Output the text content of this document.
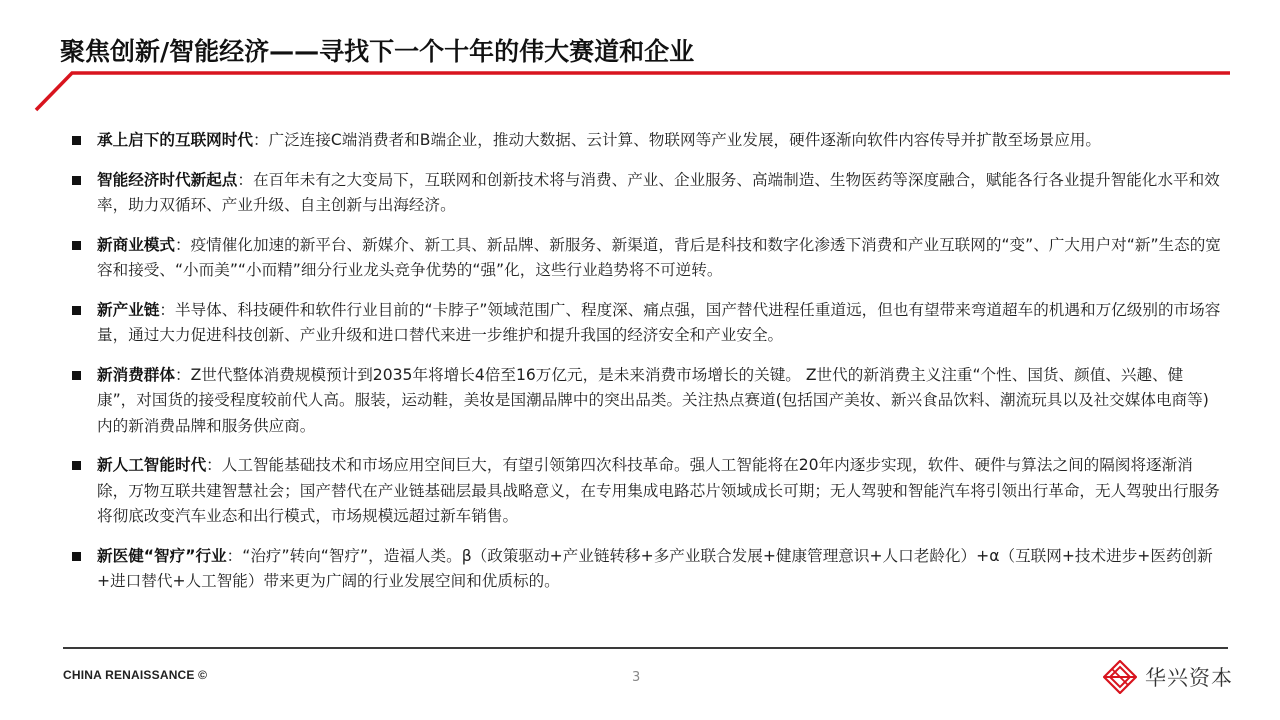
聚焦创新/智能经济——寻找下一个十年的伟大赛道和企业
承上启下的互联网时代：广泛连接C端消费者和B端企业，推动大数据、云计算、物联网等产业发展，硬件逐渐向软件内容传导并扩散至场景应用。
智能经济时代新起点：在百年未有之大变局下，互联网和创新技术将与消费、产业、企业服务、高端制造、生物医药等深度融合，赋能各行各业提升智能化水平和效率，助力双循环、产业升级、自主创新与出海经济。
新商业模式：疫情催化加速的新平台、新媒介、新工具、新品牌、新服务、新渠道，背后是科技和数字化渗透下消费和产业互联网的“变”、广大用户对“新”生态的宽容和接受、“小而美”“小而精”细分行业龙头竞争优势的“强”化，这些行业趋势将不可逆转。
新产业链：半导体、科技硬件和软件行业目前的“卡脖子”领域范围广、程度深、痛点强，国产替代进程任重道远，但也有望带来弯道超车的机遇和万亿级别的市场容量，通过大力促进科技创新、产业升级和进口替代来进一步维护和提升我国的经济安全和产业安全。
新消费群体：Z世代整体消费规模预计到2035年将增长4倍至16万亿元，是未来消费市场增长的关键。 Z世代的新消费主义注重“个性、国货、颜值、兴趣、健康”，对国货的接受程度较前代人高。服装，运动鞋，美妆是国潮品牌中的突出品类。关注热点赛道(包括国产美妆、新兴食品饮料、潮流玩具以及社交媒体电商等) 内的新消费品牌和服务供应商。
新人工智能时代：人工智能基础技术和市场应用空间巨大，有望引领第四次科技革命。强人工智能将在20年内逐步实现，软件、硬件与算法之间的隔阂将逐渐消除，万物互联共建智慧社会；国产替代在产业链基础层最具战略意义，在专用集成电路芯片领域成长可期；无人驾驶和智能汽车将引领出行革命，无人驾驶出行服务将彻底改变汽车业态和出行模式，市场规模远超过新车销售。
新医健“智疗”行业：“治疗”转向“智疗”，造福人类。β（政策驱动+产业链转移+多产业联合发展+健康管理意识+人口老龄化）+α（互联网+技术进步+医药创新+进口替代+人工智能）带来更为广阔的行业发展空间和优质标的。
CHINA RENAISSANCE ©	3	华兴资本
